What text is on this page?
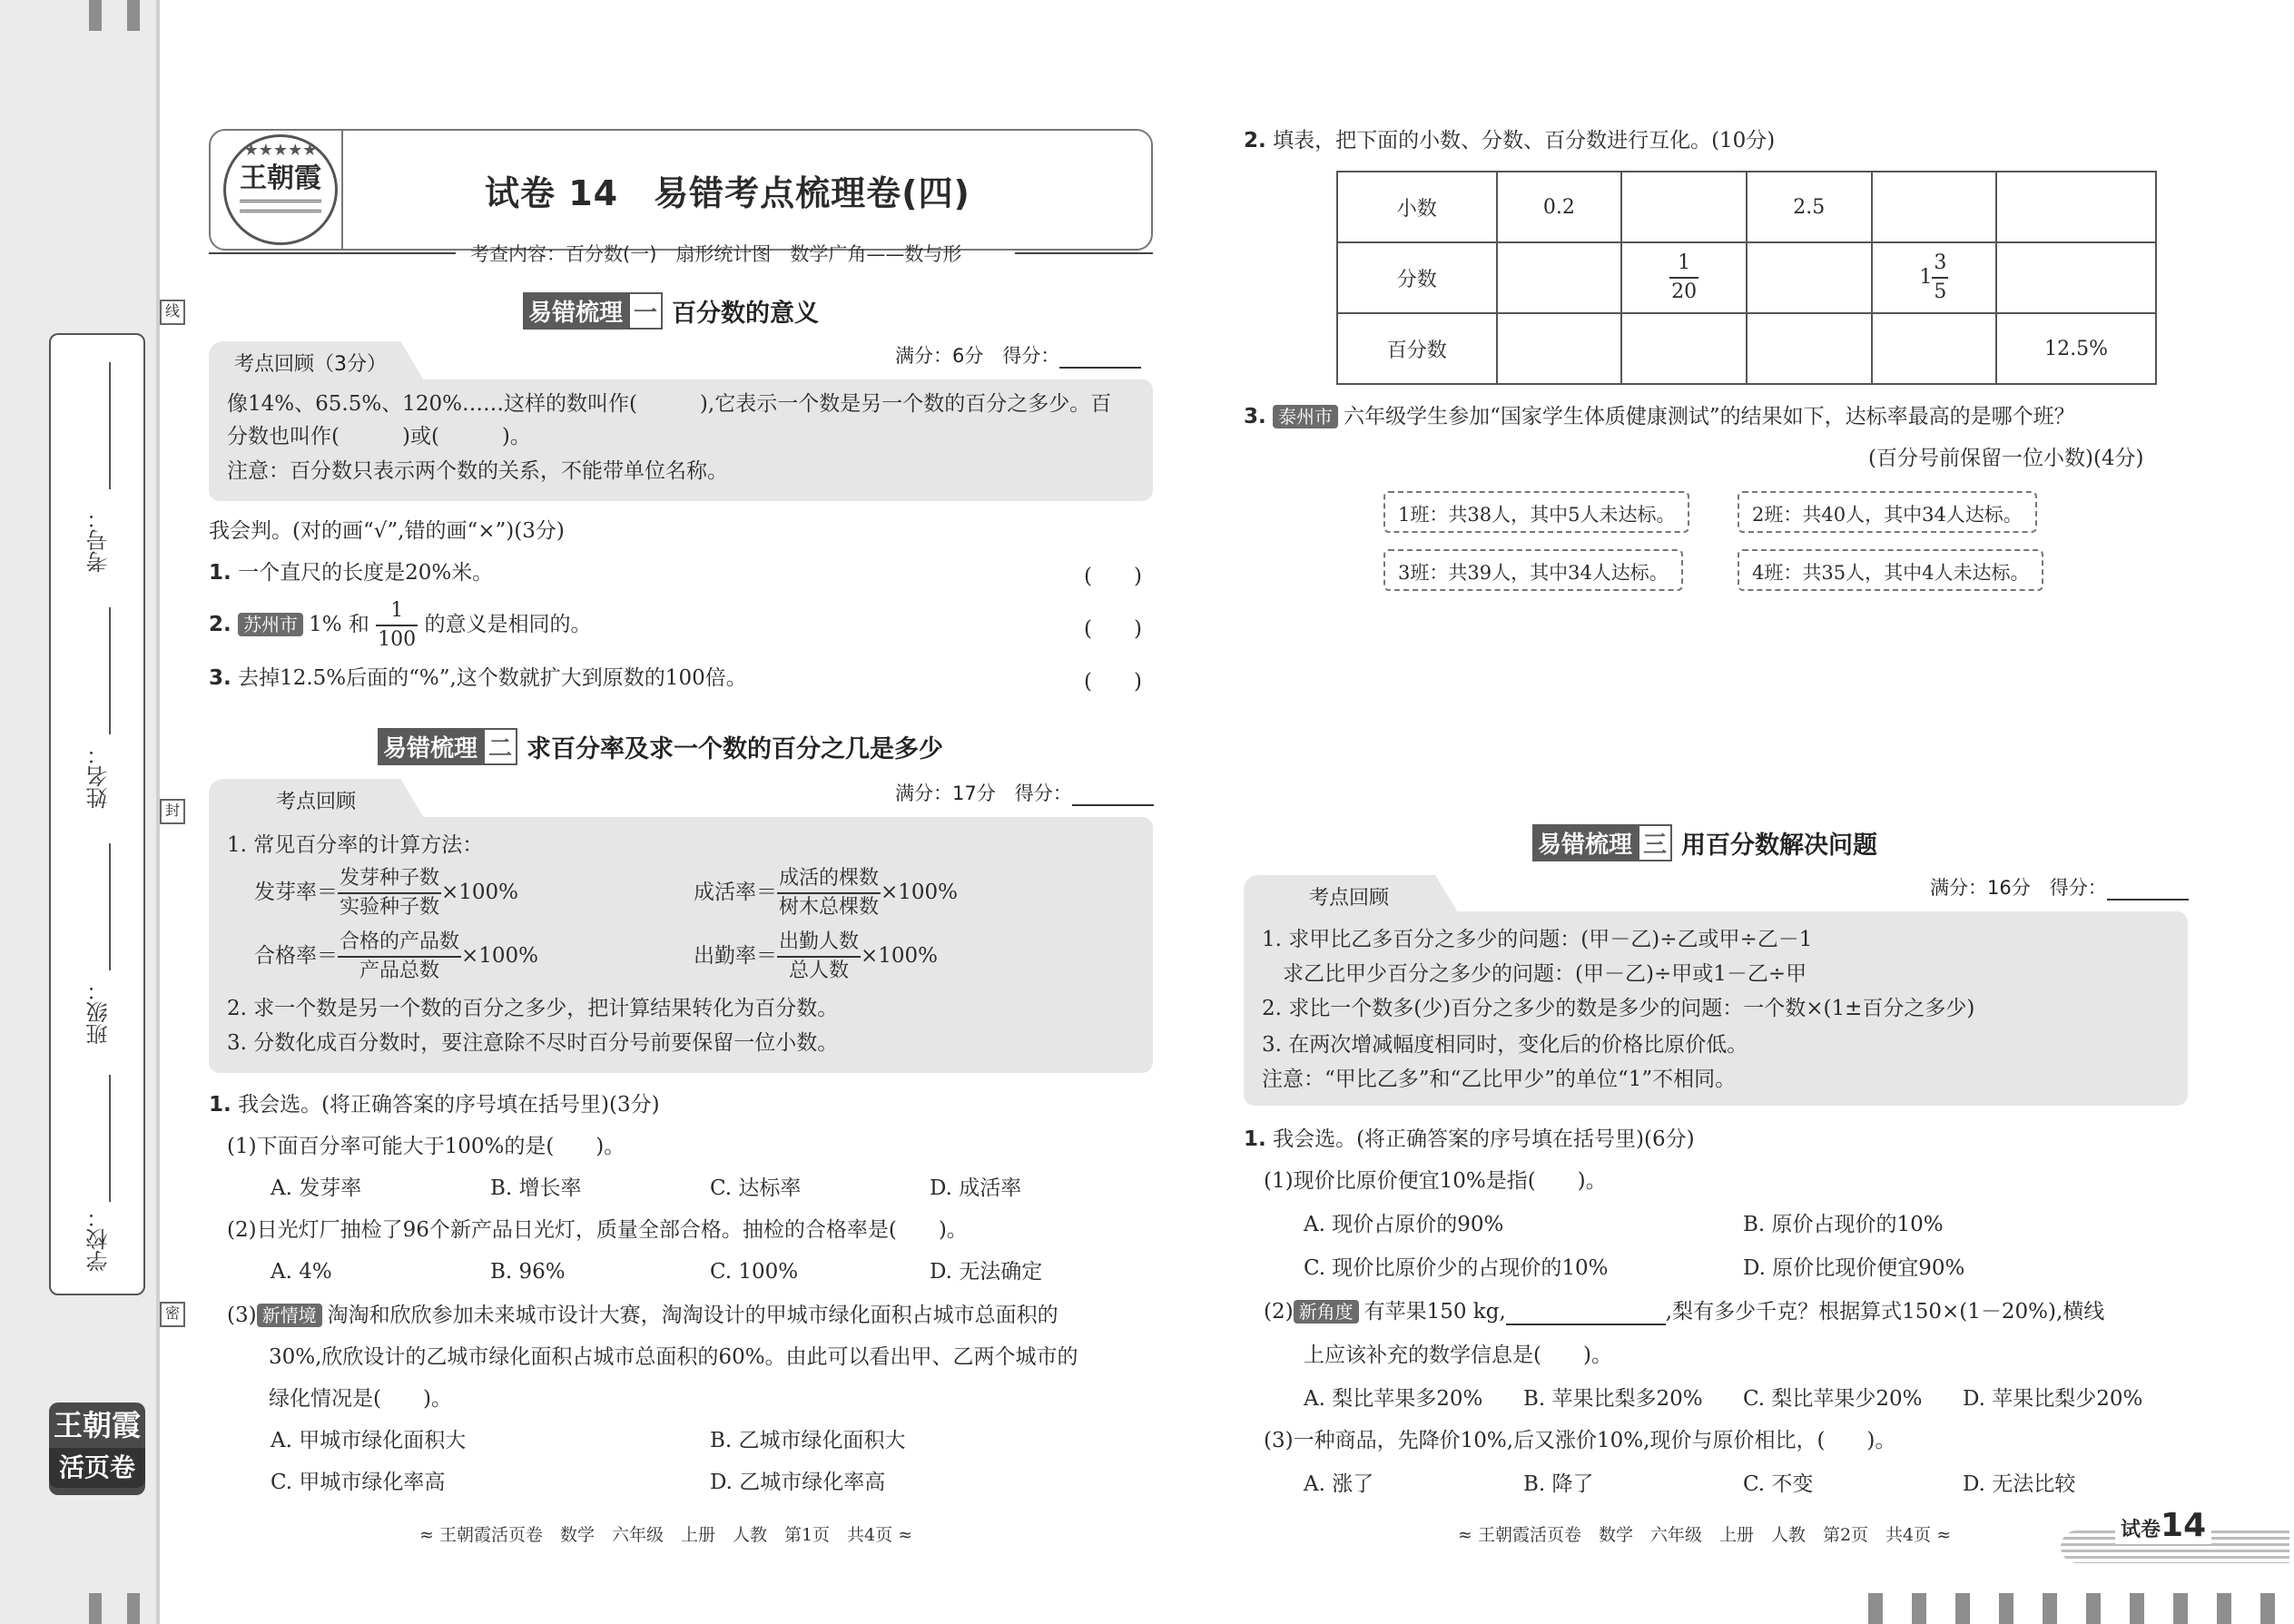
线
封
密
考号：
姓名：
班级：
学校：
王朝霞
活页卷
★★★★★
王朝霞	试卷 14　易错考点梳理卷(四)
考查内容：百分数(一)　扇形统计图　数学广角——数与形
易错梳理 一 百分数的意义
考点回顾（3分）	满分：6分　得分：
像14%、65.5%、120%……这样的数叫作(　　　),它表示一个数是另一个数的百分之多少。百
分数也叫作(　　　)或(　　　)。
注意：百分数只表示两个数的关系，不能带单位名称。
我会判。(对的画“√”,错的画“×”)(3分)
1. 一个直尺的长度是20%米。	(　　)
2. 苏州市 1% 和 $\frac{1}{100}$ 的意义是相同的。	(　　)
3. 去掉12.5%后面的“%”,这个数就扩大到原数的100倍。	(　　)
易错梳理 二 求百分率及求一个数的百分之几是多少
考点回顾	满分：17分　得分：
1. 常见百分率的计算方法：
发芽率＝ $\frac{\text{发芽种子数}}{\text{实验种子数}} \times 100\%$	成活率＝ $\frac{\text{成活的棵数}}{\text{树木总棵数}} \times 100\%$
合格率＝ $\frac{\text{合格的产品数}}{\text{产品总数}} \times 100\%$	出勤率＝ $\frac{\text{出勤人数}}{\text{总人数}} \times 100\%$
2. 求一个数是另一个数的百分之多少，把计算结果转化为百分数。
3. 分数化成百分数时，要注意除不尽时百分号前要保留一位小数。
1. 我会选。(将正确答案的序号填在括号里)(3分)
(1)下面百分率可能大于100%的是(　　)。
A. 发芽率	B. 增长率	C. 达标率	D. 成活率
(2)日光灯厂抽检了96个新产品日光灯，质量全部合格。抽检的合格率是(　　)。
A. 4%	B. 96%	C. 100%	D. 无法确定
(3) 新情境 淘淘和欣欣参加未来城市设计大赛，淘淘设计的甲城市绿化面积占城市总面积的
30%,欣欣设计的乙城市绿化面积占城市总面积的60%。由此可以看出甲、乙两个城市的
绿化情况是(　　)。
A. 甲城市绿化面积大	B. 乙城市绿化面积大
C. 甲城市绿化率高	D. 乙城市绿化率高
≈ 王朝霞活页卷　数学　六年级　上册　人教　第1页　共4页 ≈
2. 填表，把下面的小数、分数、百分数进行互化。(10分)
小数	0.2		2.5		
分数		$\frac{1}{20}$		$1 \frac{3}{5}$

百分数					12.5%
3. 泰州市 六年级学生参加“国家学生体质健康测试”的结果如下，达标率最高的是哪个班？
(百分号前保留一位小数)(4分)
1班：共38人，其中5人未达标。	2班：共40人，其中34人达标。
3班：共39人，其中34人达标。	4班：共35人，其中4人未达标。
易错梳理 三 用百分数解决问题
考点回顾	满分：16分　得分：
1. 求甲比乙多百分之多少的问题：(甲－乙)÷乙或甲÷乙－1
　求乙比甲少百分之多少的问题：(甲－乙)÷甲或1－乙÷甲
2. 求比一个数多(少)百分之多少的数是多少的问题：一个数×(1±百分之多少)
3. 在两次增减幅度相同时，变化后的价格比原价低。
注意：“甲比乙多”和“乙比甲少”的单位“1”不相同。
1. 我会选。(将正确答案的序号填在括号里)(6分)
(1)现价比原价便宜10%是指(　　)。
A. 现价占原价的90%	B. 原价占现价的10%
C. 现价比原价少的占现价的10%	D. 原价比现价便宜90%
(2) 新角度 有苹果150 kg,	,梨有多少千克？根据算式150×(1－20%),横线
上应该补充的数学信息是(　　)。
A. 梨比苹果多20% B. 苹果比梨多20% C. 梨比苹果少20% D. 苹果比梨少20%
(3)一种商品，先降价10%,后又涨价10%,现价与原价相比，(　　)。
A. 涨了	B. 降了	C. 不变	D. 无法比较
≈ 王朝霞活页卷　数学　六年级　上册　人教　第2页　共4页 ≈	试卷14
